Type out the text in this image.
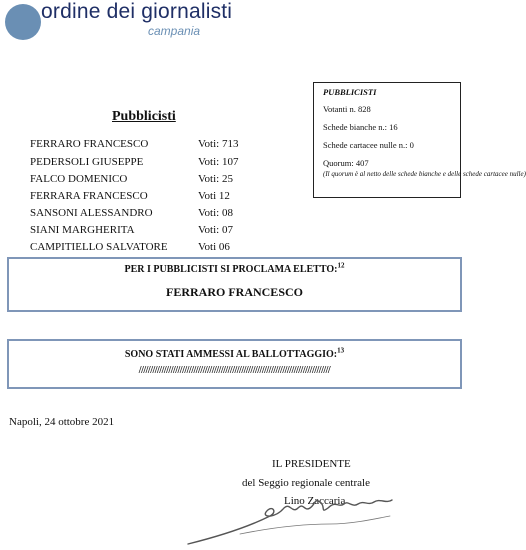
ordine dei giornalisti
campania
PUBBLICISTI
Votanti n. 828
Schede bianche n.: 16
Schede cartacee nulle n.: 0
Quorum: 407
(Il quorum è al netto delle schede bianche e delle schede cartacee nulle)
Pubblicisti
FERRARO FRANCESCO	Voti: 713
PEDERSOLI GIUSEPPE	Voti: 107
FALCO DOMENICO	Voti: 25
FERRARA FRANCESCO	Voti 12
SANSONI ALESSANDRO	Voti: 08
SIANI MARGHERITA	Voti: 07
CAMPITIELLO SALVATORE	Voti 06
PER I PUBBLICISTI SI PROCLAMA ELETTO:$^{12}$
FERRARO FRANCESCO
SONO STATI AMMESSI AL BALLOTTAGGIO:$^{13}$
////////////////////////////////////////////////////////////////////////////////////
Napoli, 24 ottobre 2021
IL PRESIDENTE
del Seggio regionale centrale
Lino Zaccaria
